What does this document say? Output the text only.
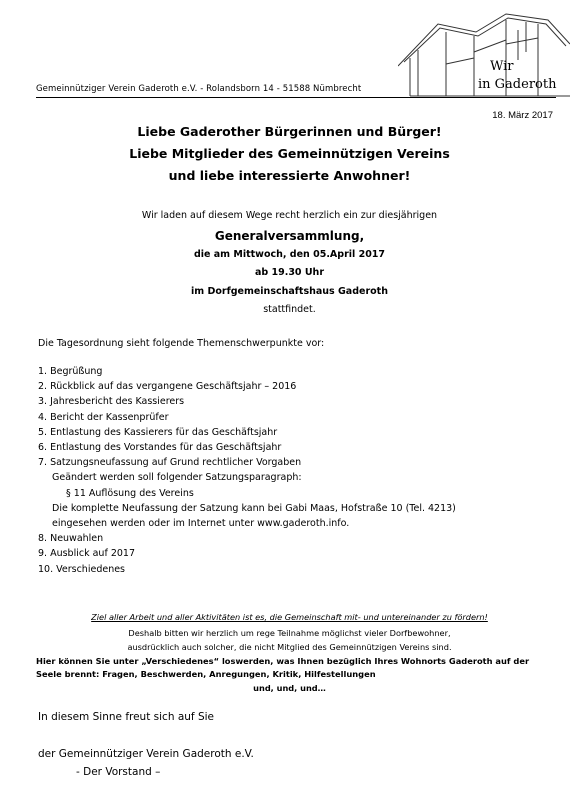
Wir
in Gaderoth
Gemeinnütziger Verein Gaderoth e.V. - Rolandsborn 14 - 51588 Nümbrecht
18. März 2017
Liebe Gaderother Bürgerinnen und Bürger!
Liebe Mitglieder des Gemeinnützigen Vereins
und liebe interessierte Anwohner!
Wir laden auf diesem Wege recht herzlich ein zur diesjährigen
Generalversammlung,
die am Mittwoch, den 05.April 2017
ab 19.30 Uhr
im Dorfgemeinschaftshaus Gaderoth
stattfindet.
Die Tagesordnung sieht folgende Themenschwerpunkte vor:
1. Begrüßung
2. Rückblick auf das vergangene Geschäftsjahr – 2016
3. Jahresbericht des Kassierers
4. Bericht der Kassenprüfer
5. Entlastung des Kassierers für das Geschäftsjahr
6. Entlastung des Vorstandes für das Geschäftsjahr
7. Satzungsneufassung auf Grund rechtlicher Vorgaben
Geändert werden soll folgender Satzungsparagraph:
§ 11 Auflösung des Vereins
Die komplette Neufassung der Satzung kann bei Gabi Maas, Hofstraße 10 (Tel. 4213)
eingesehen werden oder im Internet unter www.gaderoth.info.
8. Neuwahlen
9. Ausblick auf 2017
10. Verschiedenes
Ziel aller Arbeit und aller Aktivitäten ist es, die Gemeinschaft mit- und untereinander zu fördern!
Deshalb bitten wir herzlich um rege Teilnahme möglichst vieler Dorfbewohner,
ausdrücklich auch solcher, die nicht Mitglied des Gemeinnützigen Vereins sind.
Hier können Sie unter „Verschiedenes“ loswerden, was Ihnen bezüglich Ihres Wohnorts Gaderoth auf der Seele brennt: Fragen, Beschwerden, Anregungen, Kritik, Hilfestellungen
und, und, und…
In diesem Sinne freut sich auf Sie
der Gemeinnütziger Verein Gaderoth e.V.
- Der Vorstand –
